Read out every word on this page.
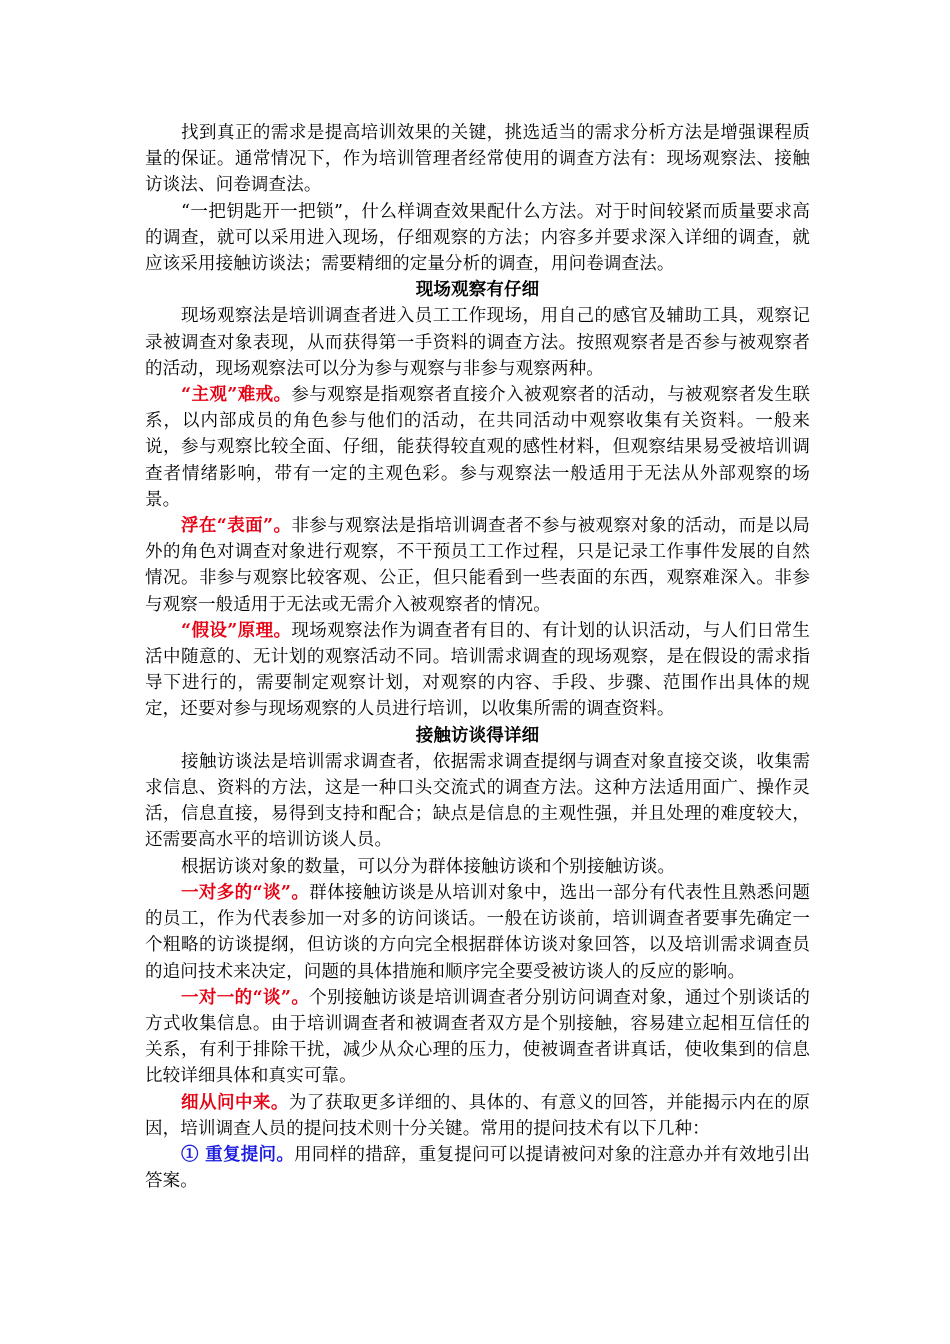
找到真正的需求是提高培训效果的关键，挑选适当的需求分析方法是增强课程质量的保证。通常情况下，作为培训管理者经常使用的调查方法有：现场观察法、接触访谈法、问卷调查法。

“一把钥匙开一把锁”，什么样调查效果配什么方法。对于时间较紧而质量要求高的调查，就可以采用进入现场，仔细观察的方法；内容多并要求深入详细的调查，就应该采用接触访谈法；需要精细的定量分析的调查，用问卷调查法。

现场观察有仔细

现场观察法是培训调查者进入员工工作现场，用自己的感官及辅助工具，观察记录被调查对象表现，从而获得第一手资料的调查方法。按照观察者是否参与被观察者的活动，现场观察法可以分为参与观察与非参与观察两种。

“主观”难戒。参与观察是指观察者直接介入被观察者的活动，与被观察者发生联系，以内部成员的角色参与他们的活动，在共同活动中观察收集有关资料。一般来说，参与观察比较全面、仔细，能获得较直观的感性材料，但观察结果易受被培训调查者情绪影响，带有一定的主观色彩。参与观察法一般适用于无法从外部观察的场景。

浮在“表面”。非参与观察法是指培训调查者不参与被观察对象的活动，而是以局外的角色对调查对象进行观察，不干预员工工作过程，只是记录工作事件发展的自然情况。非参与观察比较客观、公正，但只能看到一些表面的东西，观察难深入。非参与观察一般适用于无法或无需介入被观察者的情况。

“假设”原理。现场观察法作为调查者有目的、有计划的认识活动，与人们日常生活中随意的、无计划的观察活动不同。培训需求调查的现场观察，是在假设的需求指导下进行的，需要制定观察计划，对观察的内容、手段、步骤、范围作出具体的规定，还要对参与现场观察的人员进行培训，以收集所需的调查资料。

接触访谈得详细

接触访谈法是培训需求调查者，依据需求调查提纲与调查对象直接交谈，收集需求信息、资料的方法，这是一种口头交流式的调查方法。这种方法适用面广、操作灵活，信息直接，易得到支持和配合；缺点是信息的主观性强，并且处理的难度较大，还需要高水平的培训访谈人员。

根据访谈对象的数量，可以分为群体接触访谈和个别接触访谈。

一对多的“谈”。群体接触访谈是从培训对象中，选出一部分有代表性且熟悉问题的员工，作为代表参加一对多的访问谈话。一般在访谈前，培训调查者要事先确定一个粗略的访谈提纲，但访谈的方向完全根据群体访谈对象回答，以及培训需求调查员的追问技术来决定，问题的具体措施和顺序完全要受被访谈人的反应的影响。

一对一的“谈”。个别接触访谈是培训调查者分别访问调查对象，通过个别谈话的方式收集信息。由于培训调查者和被调查者双方是个别接触，容易建立起相互信任的关系，有利于排除干扰，减少从众心理的压力，使被调查者讲真话，使收集到的信息比较详细具体和真实可靠。

细从问中来。为了获取更多详细的、具体的、有意义的回答，并能揭示内在的原因，培训调查人员的提问技术则十分关键。常用的提问技术有以下几种：

① 重复提问。用同样的措辞，重复提问可以提请被问对象的注意办并有效地引出答案。
